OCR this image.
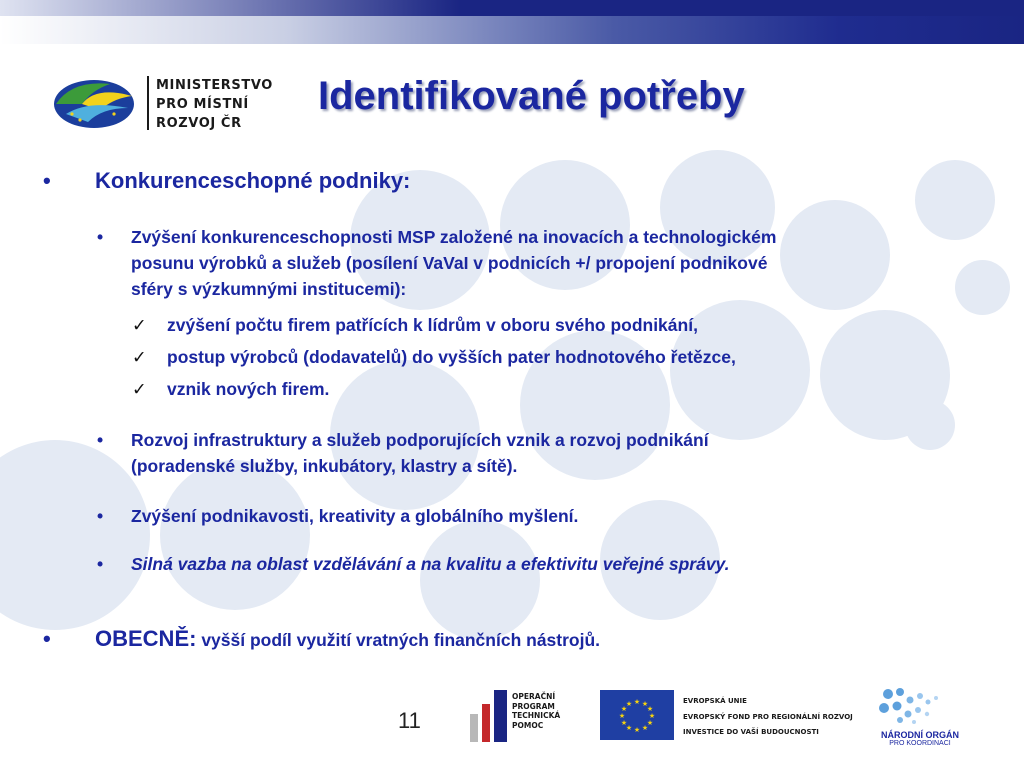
MINISTERSTVO
PRO MÍSTNÍ
ROZVOJ ČR
Identifikované potřeby
• Konkurenceschopné podniky:
• Zvýšení konkurenceschopnosti MSP založené na inovacích a technologickém
posunu výrobků a služeb (posílení VaVaI v podnicích +/ propojení podnikové
sféry s výzkumnými institucemi):
✓ zvýšení počtu firem patřících k lídrům v oboru svého podnikání,
✓ postup výrobců (dodavatelů) do vyšších pater hodnotového řetězce,
✓ vznik nových firem.
• Rozvoj infrastruktury a služeb podporujících vznik a rozvoj podnikání
(poradenské služby, inkubátory, klastry a sítě).
• Zvýšení podnikavosti, kreativity a globálního myšlení.
• Silná vazba na oblast vzdělávání a na kvalitu a efektivitu veřejné správy.
• OBECNĚ: vyšší podíl využití vratných finančních nástrojů.
11
OPERAČNÍ
PROGRAM
TECHNICKÁ
POMOC
★ ★
★
★
★
★
★
★
★
★
★
★	EVROPSKÁ UNIE
EVROPSKÝ FOND PRO REGIONÁLNÍ ROZVOJ
INVESTICE DO VAŠÍ BUDOUCNOSTI	NÁRODNÍ ORGÁN
PRO KOORDINACI
